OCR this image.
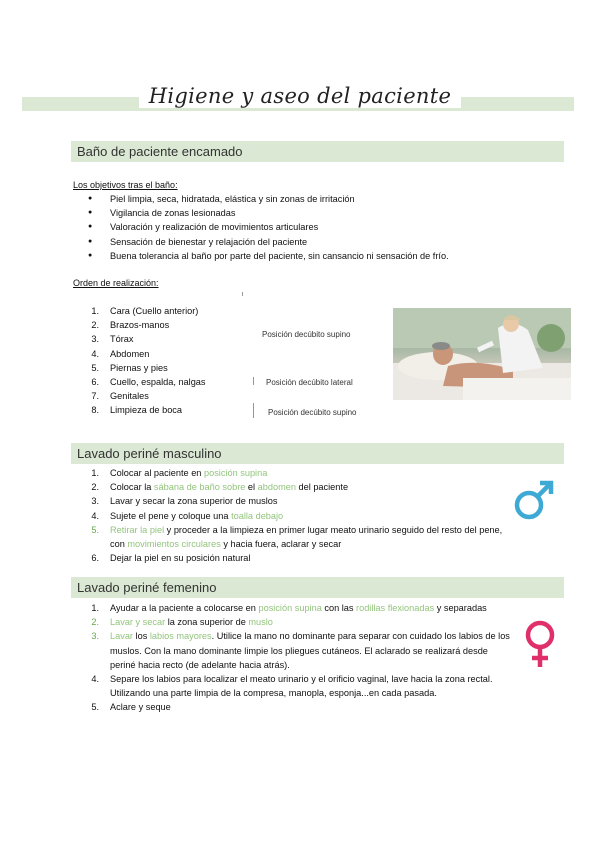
Higiene y aseo del paciente
Baño de paciente encamado
Los objetivos tras el baño:
● Piel limpia, seca, hidratada, elástica y sin zonas de irritación
● Vigilancia de zonas lesionadas
● Valoración y realización de movimientos articulares
● Sensación de bienestar y relajación del paciente
● Buena tolerancia al baño por parte del paciente, sin cansancio ni sensación de frío.
Orden de realización:
1. Cara (Cuello anterior)
2. Brazos-manos
3. Tórax
4. Abdomen
5. Piernas y pies
6. Cuello, espalda, nalgas
7. Genitales
8. Limpieza de boca
Posición decúbito supino
Posición decúbito lateral
Posición decúbito supino
Lavado periné masculino
1. Colocar al paciente en posición supina
2. Colocar la sábana de baño sobre el abdomen del paciente
3. Lavar y secar la zona superior de muslos
4. Sujete el pene y coloque una toalla debajo
5. Retirar la piel y proceder a la limpieza en primer lugar meato urinario seguido del resto del pene, con movimientos circulares y hacia fuera, aclarar y secar
6. Dejar la piel en su posición natural
Lavado periné femenino
1. Ayudar a la paciente a colocarse en posición supina con las rodillas flexionadas y separadas
2. Lavar y secar la zona superior de muslo
3. Lavar los labios mayores. Utilice la mano no dominante para separar con cuidado los labios de los muslos. Con la mano dominante limpie los pliegues cutáneos. El aclarado se realizará desde periné hacia recto (de adelante hacia atrás).
4. Separe los labios para localizar el meato urinario y el orificio vaginal, lave hacia la zona rectal. Utilizando una parte limpia de la compresa, manopla, esponja...en cada pasada.
5. Aclare y seque
